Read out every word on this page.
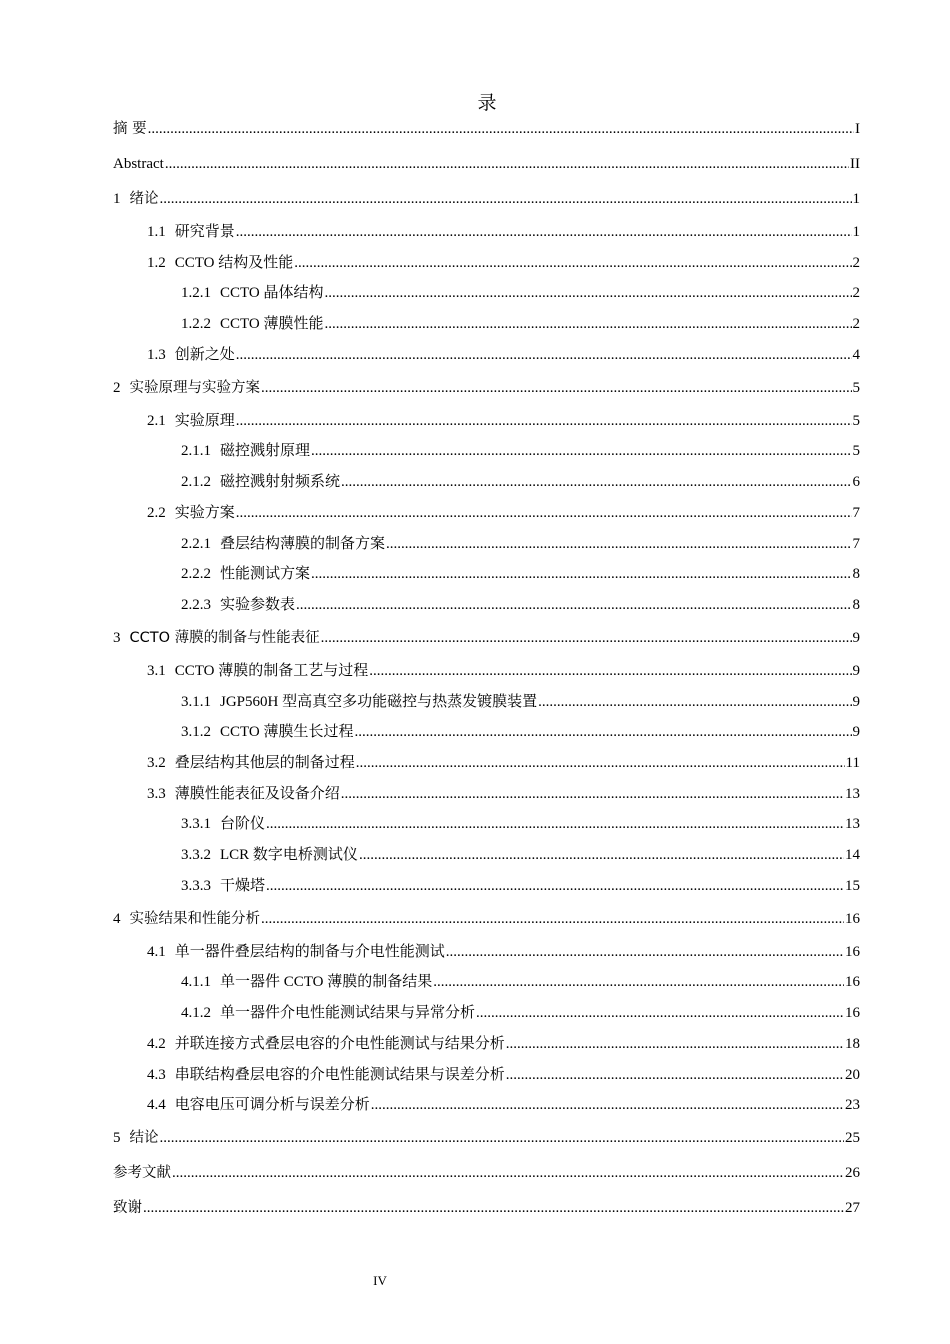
录
摘 要 .....	I
Abstract .....	II
1 绪论 .....	1
1.1 研究背景 .....	1
1.2 CCTO 结构及性能 .....	2
1.2.1 CCTO 晶体结构 .....	2
1.2.2 CCTO 薄膜性能 .....	2
1.3 创新之处 .....	4
2 实验原理与实验方案 .....	5
2.1 实验原理 .....	5
2.1.1 磁控溅射原理 .....	5
2.1.2 磁控溅射射频系统 .....	6
2.2 实验方案 .....	7
2.2.1 叠层结构薄膜的制备方案 .....	7
2.2.2 性能测试方案 .....	8
2.2.3 实验参数表 .....	8
3 CCTO 薄膜的制备与性能表征 .....	9
3.1 CCTO 薄膜的制备工艺与过程 .....	9
3.1.1 JGP560H 型高真空多功能磁控与热蒸发镀膜装置 .....	9
3.1.2 CCTO 薄膜生长过程 .....	9
3.2 叠层结构其他层的制备过程 .....	11
3.3 薄膜性能表征及设备介绍 .....	13
3.3.1 台阶仪 .....	13
3.3.2 LCR 数字电桥测试仪 .....	14
3.3.3 干燥塔 .....	15
4 实验结果和性能分析 .....	16
4.1 单一器件叠层结构的制备与介电性能测试 .....	16
4.1.1 单一器件 CCTO 薄膜的制备结果 .....	16
4.1.2 单一器件介电性能测试结果与异常分析 .....	16
4.2 并联连接方式叠层电容的介电性能测试与结果分析 .....	18
4.3 串联结构叠层电容的介电性能测试结果与误差分析 .....	20
4.4 电容电压可调分析与误差分析 .....	23
5 结论 .....	25
参考文献 .....	26
致谢 .....	27
IV
